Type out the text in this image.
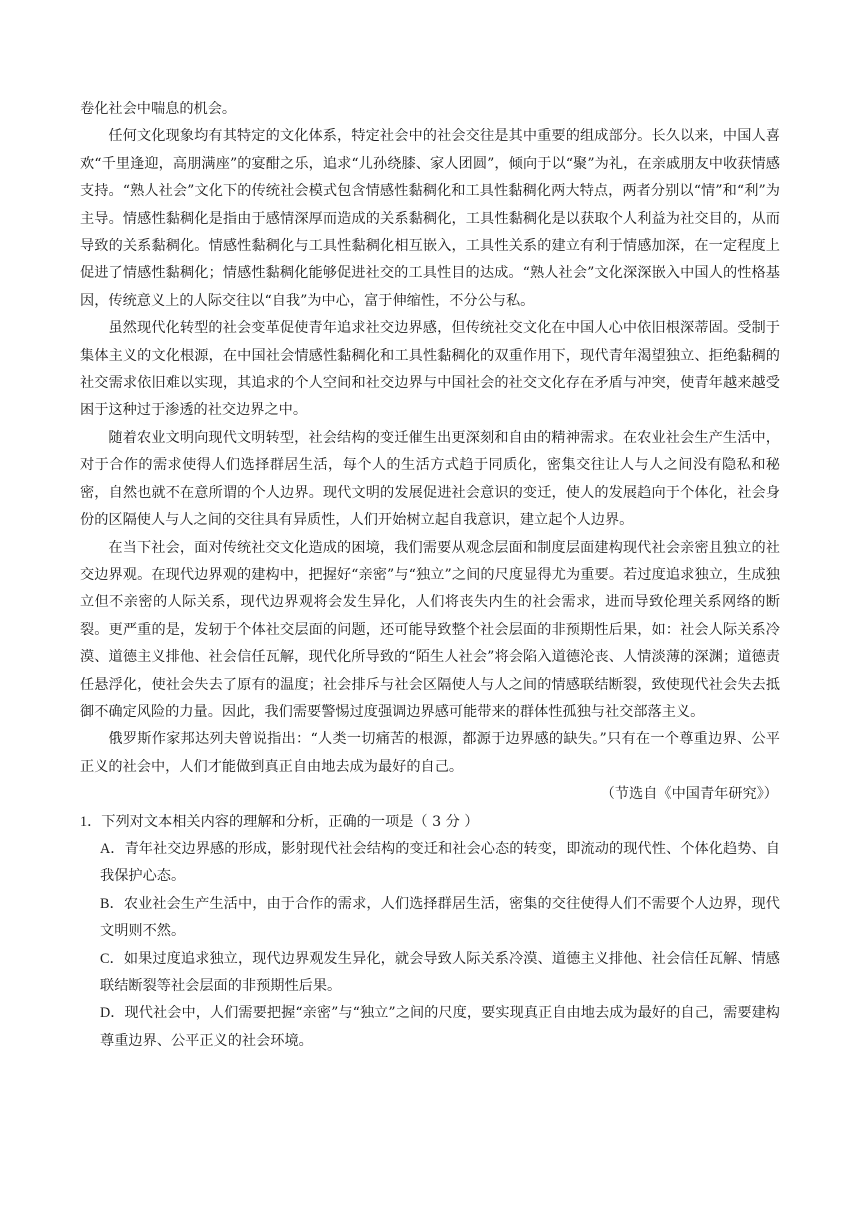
卷化社会中喘息的机会。

任何文化现象均有其特定的文化体系，特定社会中的社会交往是其中重要的组成部分。长久以来，中国人喜欢“千里逢迎，高朋满座”的宴酣之乐，追求“儿孙绕膝、家人团圆”，倾向于以“聚”为礼，在亲戚朋友中收获情感支持。“熟人社会”文化下的传统社会模式包含情感性黏稠化和工具性黏稠化两大特点，两者分别以“情”和“利”为主导。情感性黏稠化是指由于感情深厚而造成的关系黏稠化，工具性黏稠化是以获取个人利益为社交目的，从而导致的关系黏稠化。情感性黏稠化与工具性黏稠化相互嵌入，工具性关系的建立有利于情感加深，在一定程度上促进了情感性黏稠化；情感性黏稠化能够促进社交的工具性目的达成。“熟人社会”文化深深嵌入中国人的性格基因，传统意义上的人际交往以“自我”为中心，富于伸缩性，不分公与私。

虽然现代化转型的社会变革促使青年追求社交边界感，但传统社交文化在中国人心中依旧根深蒂固。受制于集体主义的文化根源，在中国社会情感性黏稠化和工具性黏稠化的双重作用下，现代青年渴望独立、拒绝黏稠的社交需求依旧难以实现，其追求的个人空间和社交边界与中国社会的社交文化存在矛盾与冲突，使青年越来越受困于这种过于渗透的社交边界之中。

随着农业文明向现代文明转型，社会结构的变迁催生出更深刻和自由的精神需求。在农业社会生产生活中，对于合作的需求使得人们选择群居生活，每个人的生活方式趋于同质化，密集交往让人与人之间没有隐私和秘密，自然也就不在意所谓的个人边界。现代文明的发展促进社会意识的变迁，使人的发展趋向于个体化，社会身份的区隔使人与人之间的交往具有异质性，人们开始树立起自我意识，建立起个人边界。

在当下社会，面对传统社交文化造成的困境，我们需要从观念层面和制度层面建构现代社会亲密且独立的社交边界观。在现代边界观的建构中，把握好“亲密”与“独立”之间的尺度显得尤为重要。若过度追求独立，生成独立但不亲密的人际关系，现代边界观将会发生异化，人们将丧失内生的社会需求，进而导致伦理关系网络的断裂。更严重的是，发轫于个体社交层面的问题，还可能导致整个社会层面的非预期性后果，如：社会人际关系冷漠、道德主义排他、社会信任瓦解，现代化所导致的“陌生人社会”将会陷入道德沦丧、人情淡薄的深渊；道德责任悬浮化，使社会失去了原有的温度；社会排斥与社会区隔使人与人之间的情感联结断裂，致使现代社会失去抵御不确定风险的力量。因此，我们需要警惕过度强调边界感可能带来的群体性孤独与社交部落主义。

俄罗斯作家邦达列夫曾说指出：“人类一切痛苦的根源，都源于边界感的缺失。”只有在一个尊重边界、公平正义的社会中，人们才能做到真正自由地去成为最好的自己。

（节选自《中国青年研究》）

1．下列对文本相关内容的理解和分析，正确的一项是（ 3 分 ）

A．青年社交边界感的形成，影射现代社会结构的变迁和社会心态的转变，即流动的现代性、个体化趋势、自我保护心态。

B．农业社会生产生活中，由于合作的需求，人们选择群居生活，密集的交往使得人们不需要个人边界，现代文明则不然。

C．如果过度追求独立，现代边界观发生异化，就会导致人际关系冷漠、道德主义排他、社会信任瓦解、情感联结断裂等社会层面的非预期性后果。

D．现代社会中，人们需要把握“亲密”与“独立”之间的尺度，要实现真正自由地去成为最好的自己，需要建构尊重边界、公平正义的社会环境。
